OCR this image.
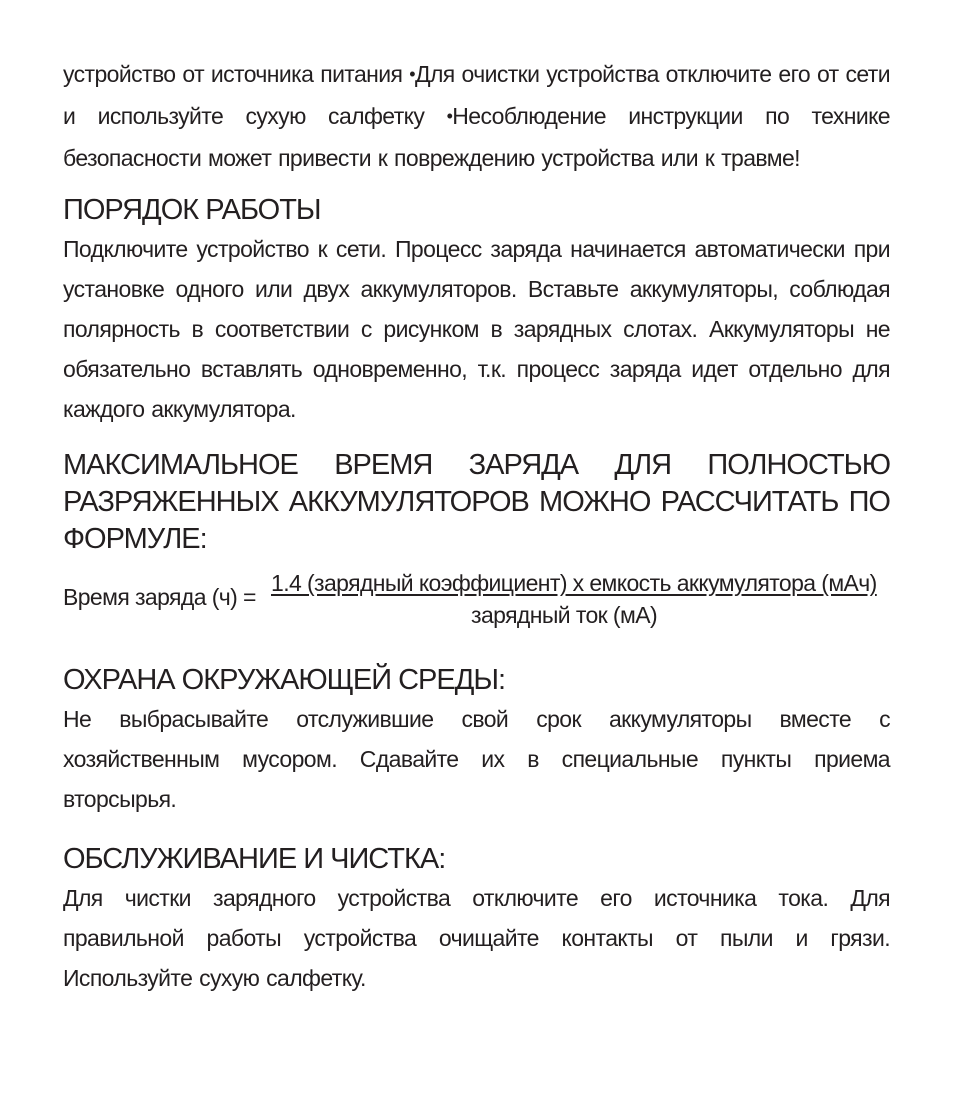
устройство от источника питания •Для очистки устройства отключите его от сети и используйте сухую салфетку •Несоблюдение инструкции по технике безопасности может привести к повреждению устройства или к травме!

ПОРЯДОК РАБОТЫ

Подключите устройство к сети. Процесс заряда начинается автоматически при установке одного или двух аккумуляторов. Вставьте аккумуляторы, соблюдая полярность в соответствии с рисунком в зарядных слотах. Аккумуляторы не обязательно вставлять одновременно, т.к. процесс заряда идет отдельно для каждого аккумулятора.

МАКСИМАЛЬНОЕ ВРЕМЯ ЗАРЯДА ДЛЯ ПОЛНОСТЬЮ РАЗРЯЖЕННЫХ АККУМУЛЯТОРОВ МОЖНО РАССЧИТАТЬ ПО ФОРМУЛЕ:
Время заряда (ч) =
1.4 (зарядный коэффициент) х емкость аккумулятора (мАч)
зарядный ток (мА)
ОХРАНА ОКРУЖАЮЩЕЙ СРЕДЫ:

Не выбрасывайте отслужившие свой срок аккумуляторы вместе с хозяйственным мусором. Сдавайте их в специальные пункты приема вторсырья.

ОБСЛУЖИВАНИЕ И ЧИСТКА:

Для чистки зарядного устройства отключите его источника тока. Для правильной работы устройства очищайте контакты от пыли и грязи. Используйте сухую салфетку.
